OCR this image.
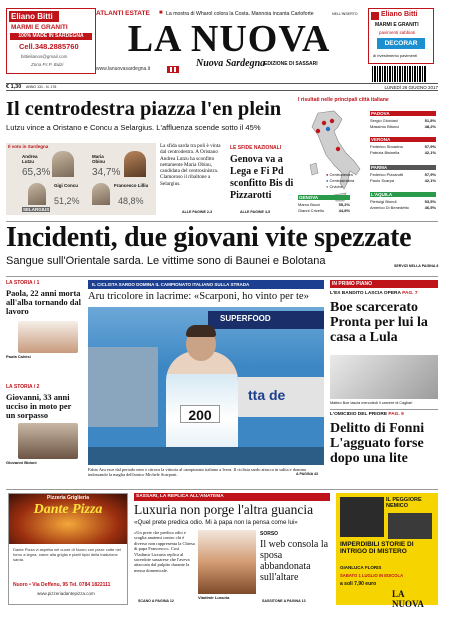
Eliano Bitti
MARMI E GRANITI
100% MADE IN SARDEGNA
Cell.348.2885760
bittielianos@gmail.com
Zona P.I.P. Bulzi
ATLANTI ESTATE ■ La mostra di Wharol colora la Costa. Mannoia incanta Carloforte	NELL'INSERTO
LA NUOVA
Nuova Sardegna
EDIZIONE DI SASSARI
www.lanuovasardegna.it
Eliano Bitti
MARMI E GRANITI
pavimenti sabbiati
DECORAR
di rivestimento pavimenti
€ 1,30 ANNO 131 - N. 176	LUNEDÌ 26 GIUGNO 2017
Il centrodestra piazza l'en plein
Lutzu vince a Oristano e Concu a Selargius. L'affluenza scende sotto il 45%
Il voto in Sardegna
Andrea Lutzu
65,3%
Maria Obinu
34,7%
SELARGIUS
Gigi Concu
51,2%
Francesco Lilliu
48,8%
La sfida sarda tra poli è vinta dal centrodestra. A Oristano Andrea Lutzu ha sconfitto nettamente Maria Obinu, candidata del centrosinistra. Clamoroso il ribaltone a Selargius.
ALLE PAGINE 2-3
LE SFIDE NAZIONALI
Genova va a Lega e Fi Pd sconfitto Bis di Pizzarotti
ALLE PAGINE 4-5
I risultati nelle principali città italiane
● Centrodestra
● Centrosinistra
● Civiche
GENOVA
Marco Bucci	55,2%
Gianni Crivello	44,8%
PADOVA
Sergio Giordani	51,8%
Massimo Bitonci	48,2%
VERONA
Federico Sboarina	57,9%
Patrizia Bisinella	42,1%
PARMA
Federico Pizzarotti	57,9%
Paolo Scarpa	42,1%
L'AQUILA
Pierluigi Biondi	53,5%
Americo Di Benedetto	46,5%
Incidenti, due giovani vite spezzate
Sangue sull'Orientale sarda. Le vittime sono di Baunei e Bolotana	SERVIZI NELLA PAGINA 8
LA STORIA / 1
Paola, 22 anni morta all'alba tornando dal lavoro
Paola Calvisi
LA STORIA / 2
Giovanni, 33 anni ucciso in moto per un sorpasso
Giovanni Bidoni
IL CICLISTA SARDO DOMINA IL CAMPIONATO ITALIANO SULLA STRADA
Aru tricolore in lacrime: «Scarponi, ho vinto per te»
SUPERFOOD
tta de
200
Fabio Aru esce dal periodo nero e ritrova la vittoria al campionato italiano a Ivrea. Il ciclista sardo attacca in salita e domina indossando la maglia dell'amico Michele Scarponi.	A PAGINA 43
IN PRIMO PIANO
L'EX BANDITO LASCIA OPERA PAG. 7
Boe scarcerato Pronta per lui la casa a Lula
Matteo Boe lascia mercoledì il carcere di Cagliari
L'OMICIDIO DEL PRIORE PAG. 9
Delitto di Fonni L'agguato forse dopo una lite
Pizzeria Griglieria
Dante Pizza
Dante Pizza vi aspetta nel cuore di Nuoro con pizze cotte nel forno a legna, carne alla griglia e piatti tipici della tradizione sarda.
Nuoro • Via Deffenu, 95 Tel. 0784 1822111
www.pizzeriadantepizza.com
SASSARI, LA REPLICA ALL'ANATEMA
Luxuria non porge l'altra guancia
«Quel prete predica odio. Mi à papa non la pensa come lui»
«Un prete che predica odio e scaglia anatemi contro chi è diverso non rappresenta la Chiesa di papa Francesco». Così Vladimir Luxuria replica al sacerdote sassarese che l'aveva attaccata dal pulpito durante la messa domenicale.
Vladimir Luxuria
SCANO A PAGINA 12
SORSO
Il web consola la sposa abbandonata sull'altare
SASSITONE A PAGINA 13
IL PEGGIORE NEMICO
IMPERDIBILI STORIE DI INTRIGO DI MISTERO
GIANLUCA FLORIS
SABATO 1 LUGLIO IN EDICOLA
a soli 7,90 euro
LA NUOVA
